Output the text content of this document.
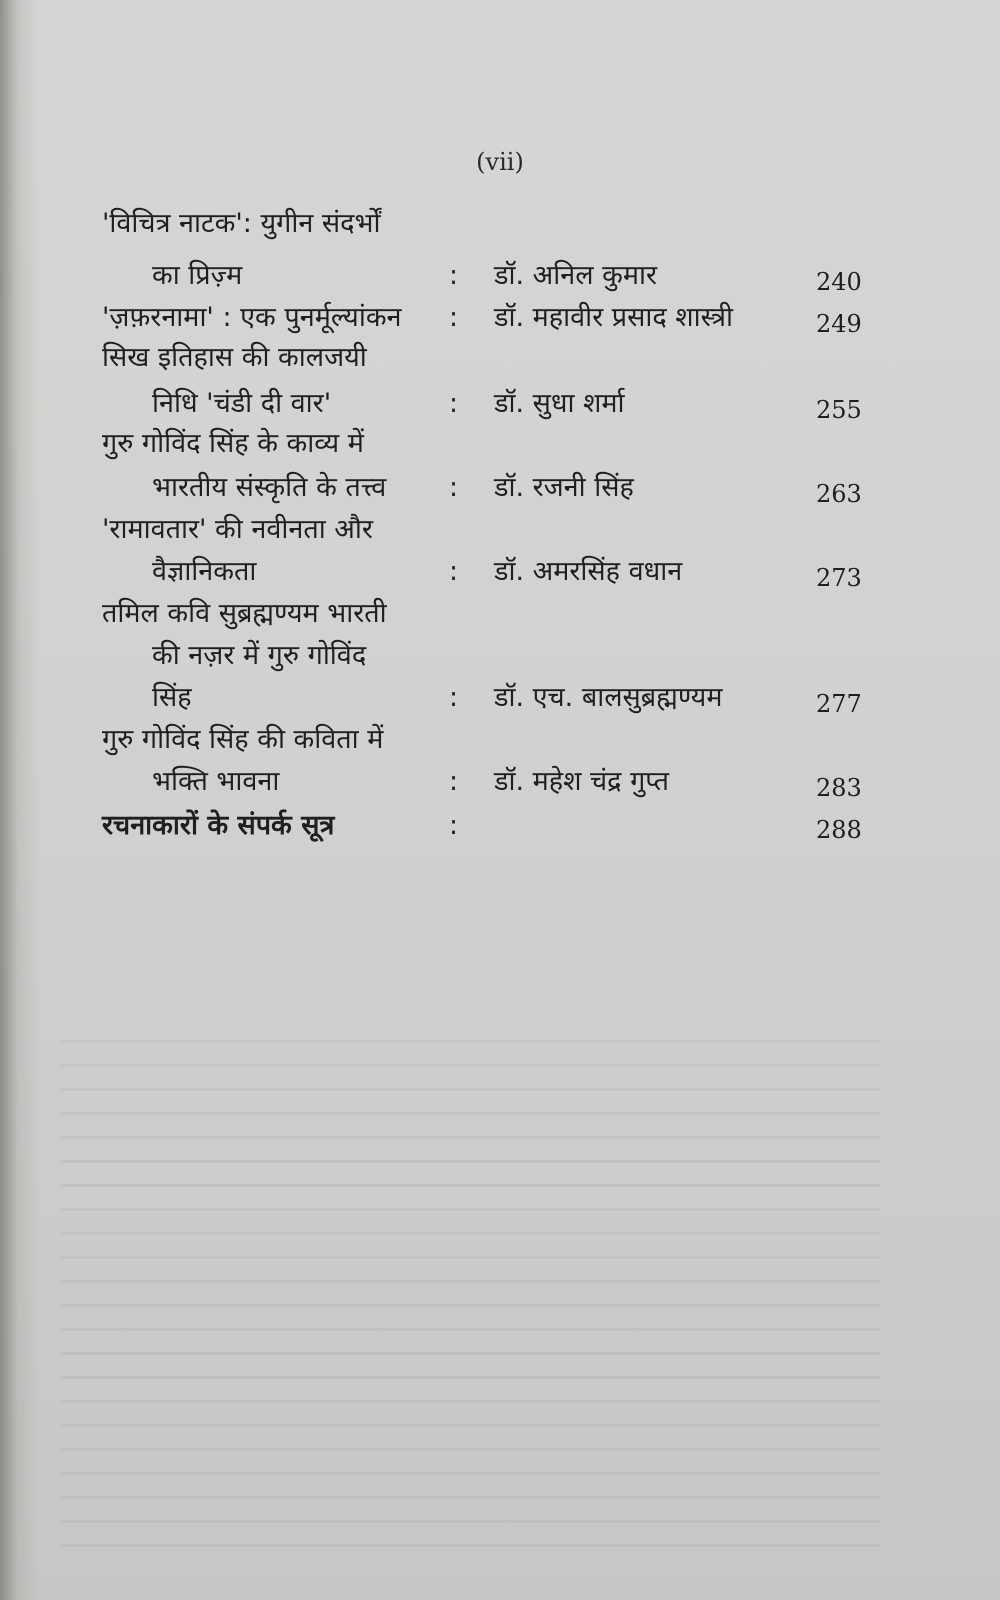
(vii)
'विचित्र नाटक': युगीन संदर्भों
का प्रिज़्म	: डॉ. अनिल कुमार	240
'ज़फ़रनामा' : एक पुनर्मूल्यांकन : डॉ. महावीर प्रसाद शास्त्री	249
सिख इतिहास की कालजयी
निधि 'चंडी दी वार'	: डॉ. सुधा शर्मा	255
गुरु गोविंद सिंह के काव्य में
भारतीय संस्कृति के तत्त्व : डॉ. रजनी सिंह	263
'रामावतार' की नवीनता और
वैज्ञानिकता	: डॉ. अमरसिंह वधान	273
तमिल कवि सुब्रह्मण्यम भारती
की नज़र में गुरु गोविंद
सिंह	: डॉ. एच. बालसुब्रह्मण्यम	277
गुरु गोविंद सिंह की कविता में
भक्ति भावना	: डॉ. महेश चंद्र गुप्त	283
रचनाकारों के संपर्क सूत्र	:	288
